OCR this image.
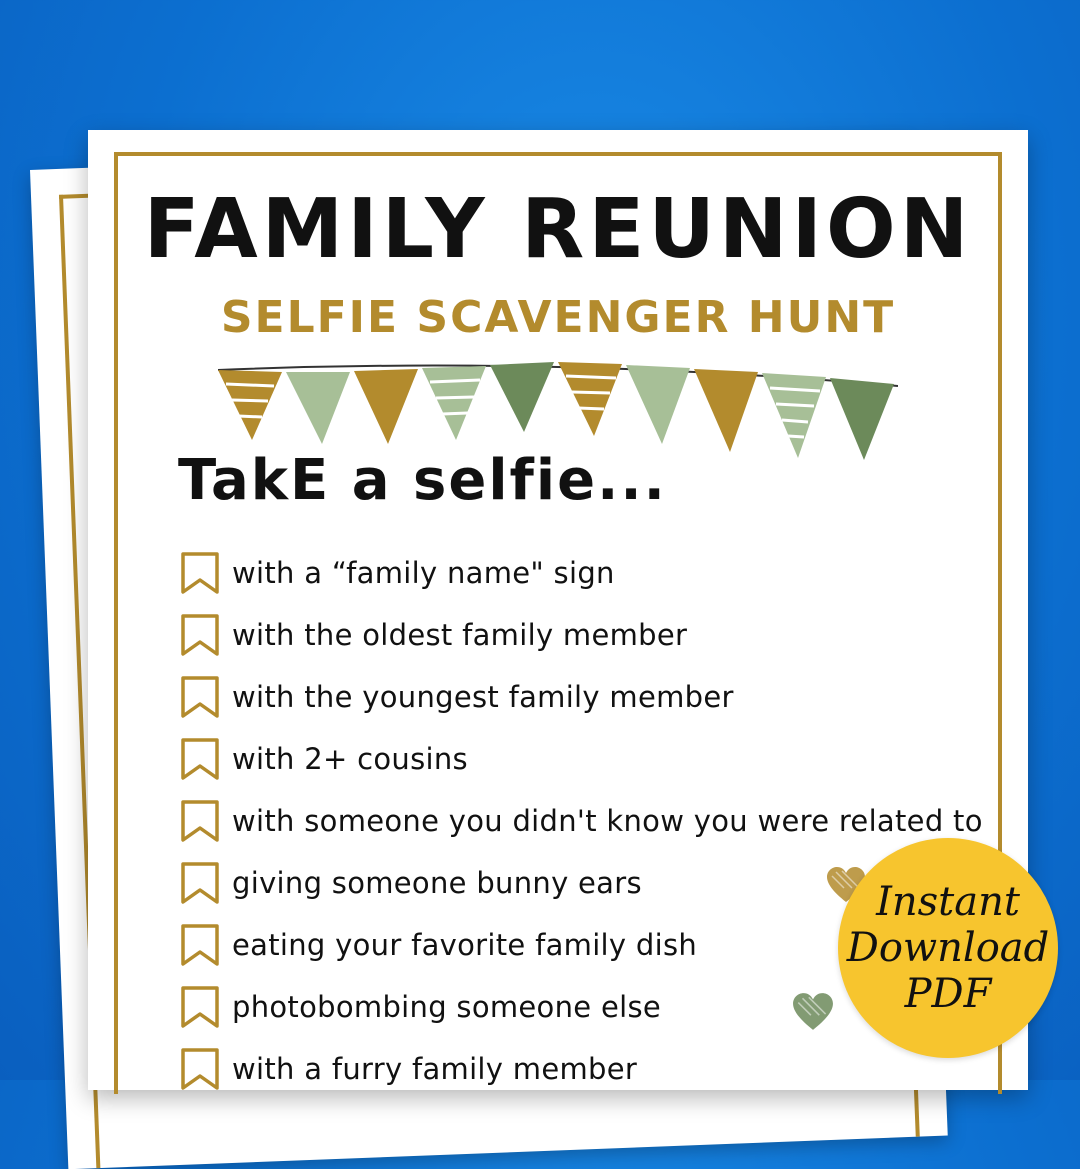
FAMILY REUNION
SELFIE SCAVENGER HUNT
TakE a selfie...
with a “family name" sign
with the oldest family member
with the youngest family member
with 2+ cousins
with someone you didn't know you were related to
giving someone bunny ears
eating your favorite family dish
photobombing someone else
with a furry family member
Instant
Download
PDF
